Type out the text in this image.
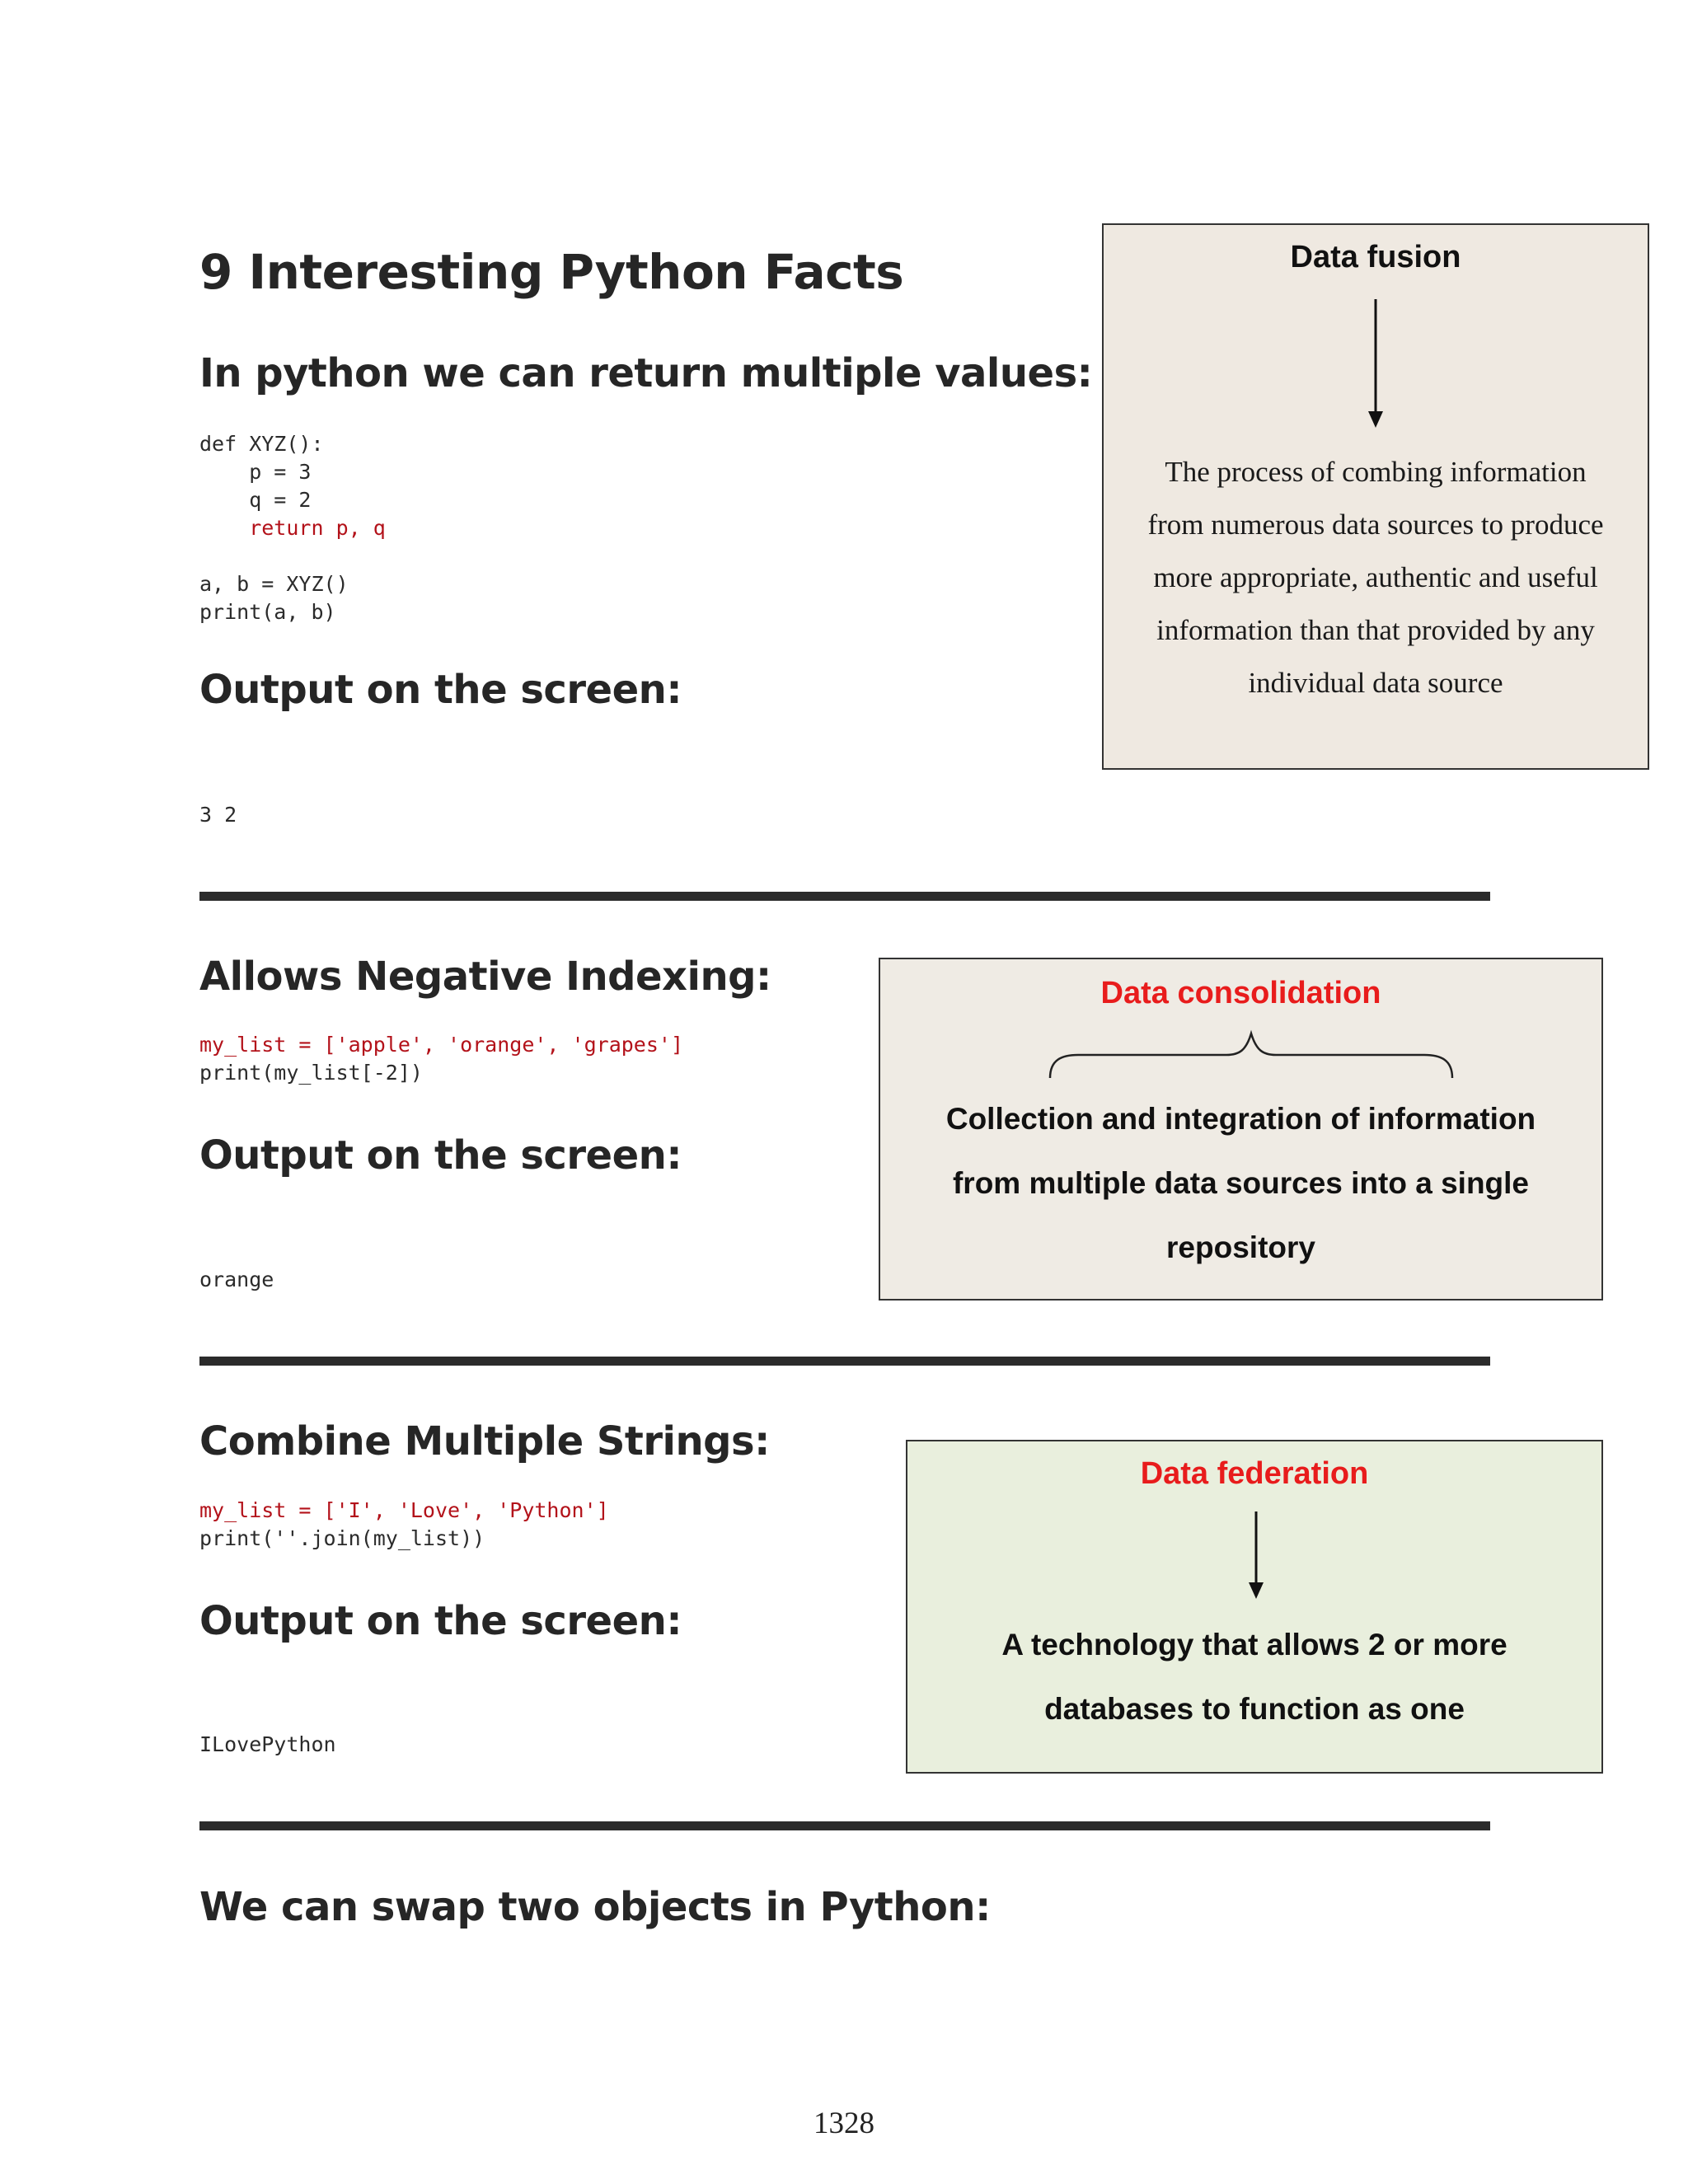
9 Interesting Python Facts
In python we can return multiple values:
def XYZ():
p = 3
q = 2
return p, q

a, b = XYZ()
print(a, b)
Output on the screen:
3 2
Allows Negative Indexing:
my_list = ['apple', 'orange', 'grapes']
print(my_list[-2])
Output on the screen:
orange
Combine Multiple Strings:
my_list = ['I', 'Love', 'Python']
print(''.join(my_list))
Output on the screen:
ILovePython
We can swap two objects in Python:
Data fusion
The process of combing information
from numerous data sources to produce
more appropriate, authentic and useful
information than that provided by any
individual data source
Data consolidation
Collection and integration of information
from multiple data sources into a single
repository
Data federation
A technology that allows 2 or more
databases to function as one
1328
